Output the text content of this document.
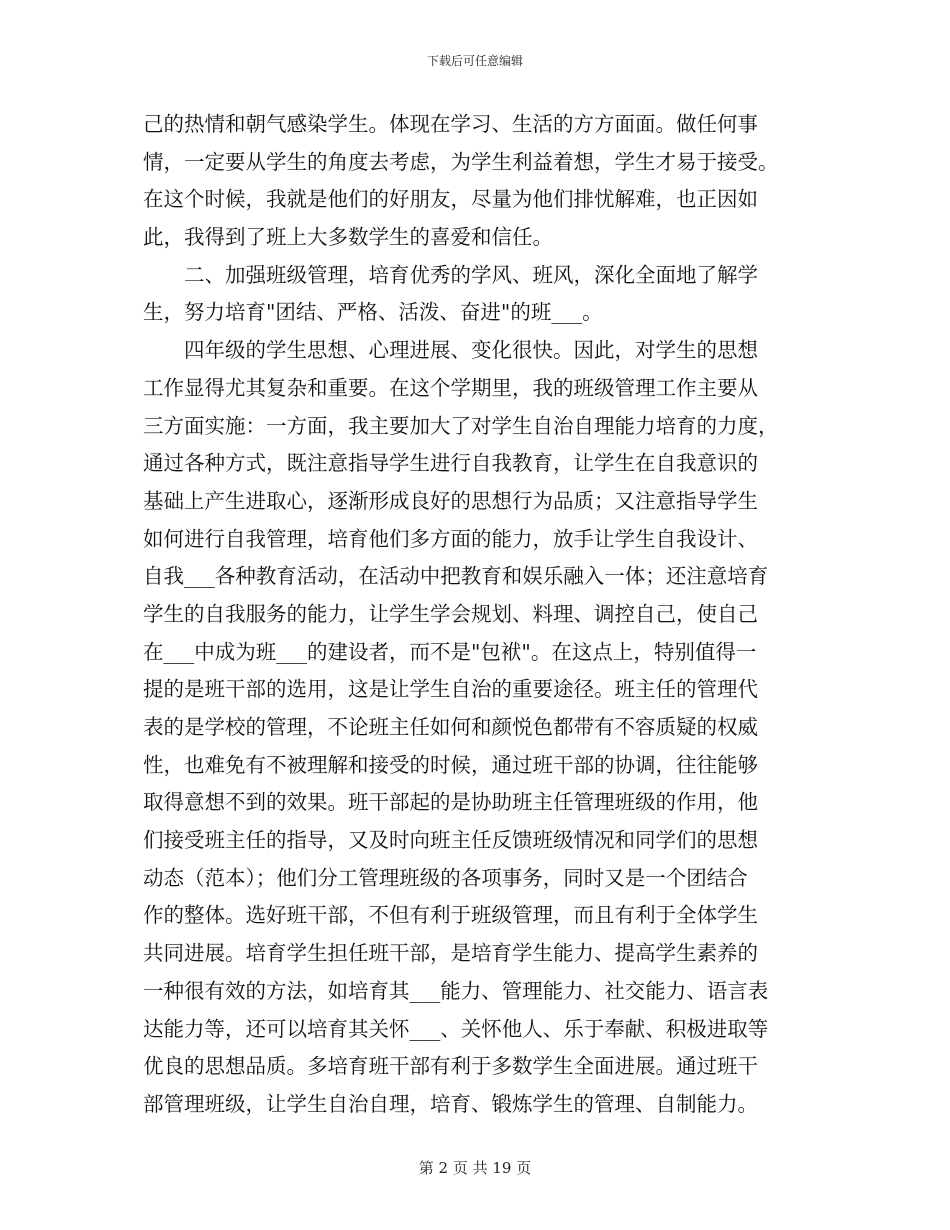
下载后可任意编辑
己的热情和朝气感染学生。体现在学习、生活的方方面面。做任何事
情，一定要从学生的角度去考虑，为学生利益着想，学生才易于接受。
在这个时候，我就是他们的好朋友，尽量为他们排忧解难，也正因如
此，我得到了班上大多数学生的喜爱和信任。
　　二、加强班级管理，培育优秀的学风、班风，深化全面地了解学
生，努力培育"团结、严格、活泼、奋进"的班___。
　　四年级的学生思想、心理进展、变化很快。因此，对学生的思想
工作显得尤其复杂和重要。在这个学期里，我的班级管理工作主要从
三方面实施：一方面，我主要加大了对学生自治自理能力培育的力度，
通过各种方式，既注意指导学生进行自我教育，让学生在自我意识的
基础上产生进取心，逐渐形成良好的思想行为品质；又注意指导学生
如何进行自我管理，培育他们多方面的能力，放手让学生自我设计、
自我___各种教育活动，在活动中把教育和娱乐融入一体；还注意培育
学生的自我服务的能力，让学生学会规划、料理、调控自己，使自己
在___中成为班___的建设者，而不是"包袱"。在这点上，特别值得一
提的是班干部的选用，这是让学生自治的重要途径。班主任的管理代
表的是学校的管理，不论班主任如何和颜悦色都带有不容质疑的权威
性，也难免有不被理解和接受的时候，通过班干部的协调，往往能够
取得意想不到的效果。班干部起的是协助班主任管理班级的作用，他
们接受班主任的指导，又及时向班主任反馈班级情况和同学们的思想
动态（范本）；他们分工管理班级的各项事务，同时又是一个团结合
作的整体。选好班干部，不但有利于班级管理，而且有利于全体学生
共同进展。培育学生担任班干部，是培育学生能力、提高学生素养的
一种很有效的方法，如培育其___能力、管理能力、社交能力、语言表
达能力等，还可以培育其关怀___、关怀他人、乐于奉献、积极进取等
优良的思想品质。多培育班干部有利于多数学生全面进展。通过班干
部管理班级，让学生自治自理，培育、锻炼学生的管理、自制能力。
第 2 页 共 19 页
